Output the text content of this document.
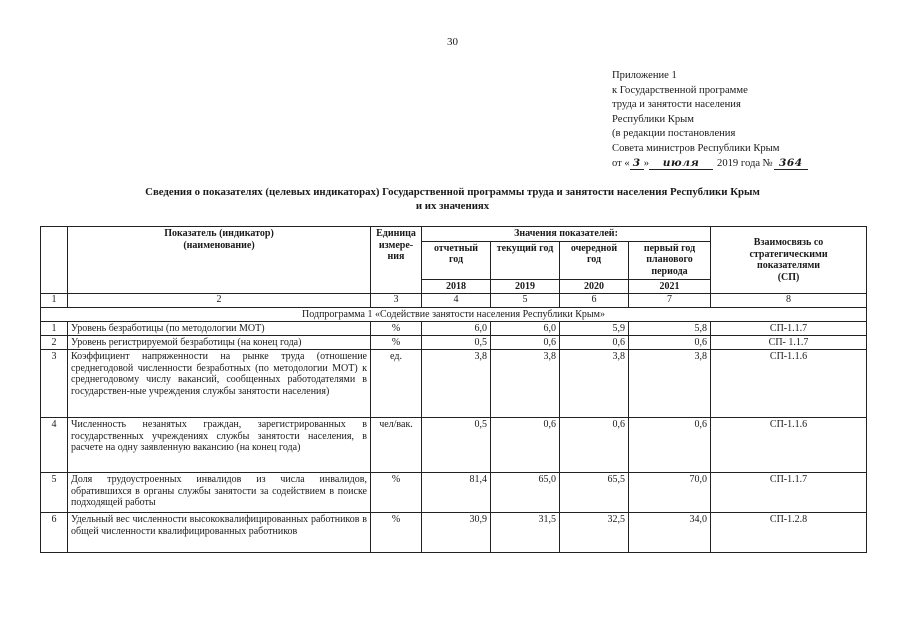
30
Приложение 1
к Государственной программе
труда и занятости населения
Республики Крым
(в редакции постановления
Совета министров Республики Крым
от « 3 » июля 2019 года № 364
Сведения о показателях (целевых индикаторах) Государственной программы труда и занятости населения Республики Крым
и их значениях
	Показатель (индикатор)
(наименование)	Единица
измере-
ния	Значения показателей:				Взаимосвязь со
стратегическими
показателями
(СП)
			отчетный
год	текущий год	очередной
год	первый год
планового
периода	
			2018	2019	2020	2021	
1	2	3	4	5	6	7	8
Подпрограмма 1 «Содействие занятости населения Республики Крым»							
1	Уровень безработицы (по методологии МОТ)	%	6,0	6,0	5,9	5,8	СП-1.1.7
2	Уровень регистрируемой безработицы (на конец года)	%	0,5	0,6	0,6	0,6	СП- 1.1.7
3	Коэффициент напряженности на рынке труда (отношение среднегодовой численности безработных (по методологии МОТ) к среднегодовому числу вакансий, сообщенных работодателями в государствен-ные учреждения службы занятости населения)	ед.	3,8	3,8	3,8	3,8	СП-1.1.6
4	Численность незанятых граждан, зарегистрированных в государственных учреждениях службы занятости населения, в расчете на одну заявленную вакансию (на конец года)	чел/вак.	0,5	0,6	0,6	0,6	СП-1.1.6
5	Доля трудоустроенных инвалидов из числа инвалидов, обратившихся в органы службы занятости за содействием в поиске подходящей работы	%	81,4	65,0	65,5	70,0	СП-1.1.7
6	Удельный вес численности высококвалифицированных работников в общей численности квалифицированных работников	%	30,9	31,5	32,5	34,0	СП-1.2.8
